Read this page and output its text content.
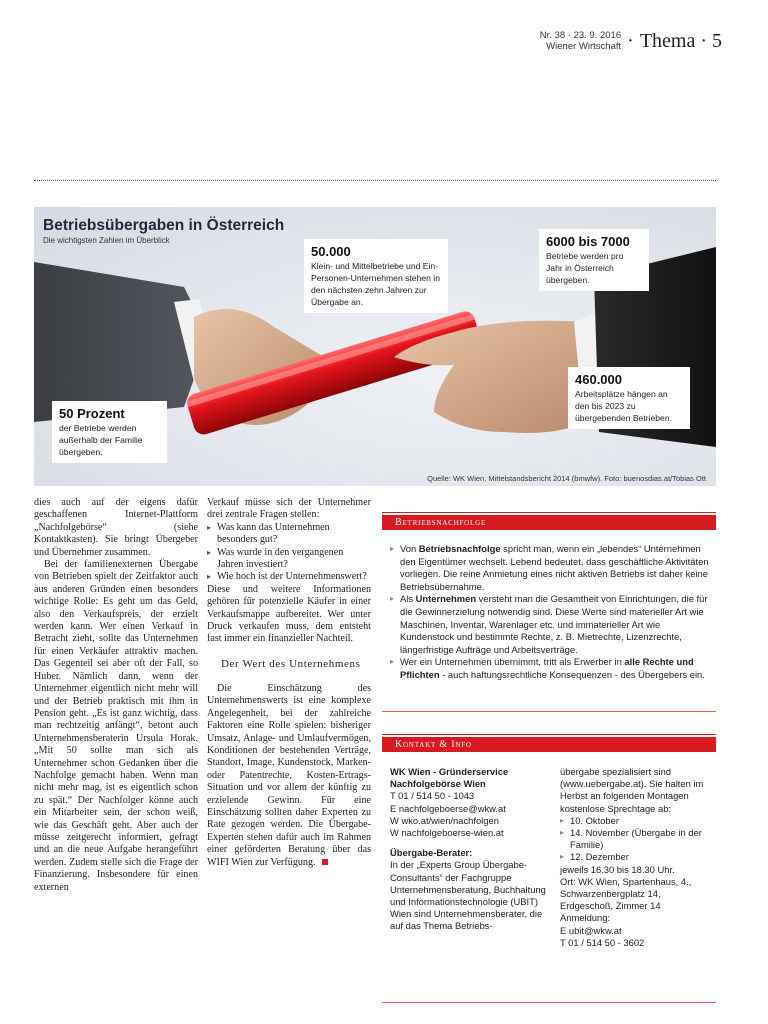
Nr. 38 · 23. 9. 2016
Wiener Wirtschaft · Thema · 5
Betriebsübergaben in Österreich
Die wichtigsten Zahlen im Überblick
50.000
Klein- und Mittelbetriebe und Ein-Personen-Unternehmen stehen in den nächsten zehn Jahren zur Übergabe an.
6000 bis 7000
Betriebe werden pro Jahr in Österreich übergeben.
460.000
Arbeitsplätze hängen an den bis 2023 zu übergebenden Betrieben.
50 Prozent
der Betriebe werden außerhalb der Familie übergeben.
Quelle: WK Wien, Mittelstandsbericht 2014 (bmwfw). Foto: buenosdias.at/Tobias Ott

dies auch auf der eigens dafür geschaffenen Internet-Plattform „Nachfolgebörse“ (siehe Kontaktkasten). Sie bringt Übergeber und Übernehmer zusammen.

Bei der familienexternen Übergabe von Betrieben spielt der Zeitfaktor auch aus anderen Gründen einen besonders wichtige Rolle: Es geht um das Geld, also den Verkaufspreis, der erzielt werden kann. Wer einen Verkauf in Betracht zieht, sollte das Unternehmen für einen Verkäufer attraktiv machen. Das Gegenteil sei aber oft der Fall, so Huber. Nämlich dann, wenn der Unternehmer eigentlich nicht mehr will und der Betrieb praktisch mit ihm in Pension geht. „Es ist ganz wichtig, dass man rechtzeitig anfängt“, betont auch Unternehmensberaterin Ursula Horak. „Mit 50 sollte man sich als Unternehmer schon Gedanken über die Nachfolge gemacht haben. Wenn man nicht mehr mag, ist es eigentlich schon zu spät.“ Der Nachfolger könne auch ein Mitarbeiter sein, der schon weiß, wie das Geschäft geht. Aber auch der müsse zeitgerecht informiert, gefragt und an die neue Aufgabe herangeführt werden. Zudem stelle sich die Frage der Finanzierung. Insbesondere für einen externen

Verkauf müsse sich der Unternehmer drei zentrale Fragen stellen:

▸ Was kann das Unternehmen besonders gut?
▸ Was wurde in den vergangenen Jahren investiert?
▸ Wie hoch ist der Unternehmenswert?

Diese und weitere Informationen gehören für potenzielle Käufer in einer Verkaufsmappe aufbereitet. Wer unter Druck verkaufen muss, dem entsteht fast immer ein finanzieller Nachteil.

Der Wert des Unternehmens

Die Einschätzung des Unternehmenswerts ist eine komplexe Angelegenheit, bei der zahlreiche Faktoren eine Rolle spielen: bisheriger Umsatz, Anlage- und Umlaufvermögen, Konditionen der bestehenden Verträge, Standort, Image, Kundenstock, Marken- oder Patentrechte, Kosten-Ertrags-Situation und vor allem der künftig zu erzielende Gewinn. Für eine Einschätzung sollten daher Experten zu Rate gezogen werden. Die Übergabe-Experten stehen dafür auch im Rahmen einer geförderten Beratung über das WIFI Wien zur Verfügung.

Betriebsnachfolge
▸ Von Betriebsnachfolge spricht man, wenn ein „lebendes“ Unternehmen den Eigentümer wechselt. Lebend bedeutet, dass geschäftliche Aktivitäten vorliegen. Die reine Anmietung eines nicht aktiven Betriebs ist daher keine Betriebsübernahme.
▸ Als Unternehmen versteht man die Gesamtheit von Einrichtungen, die für die Gewinnerzielung notwendig sind. Diese Werte sind materieller Art wie Maschinen, Inventar, Warenlager etc. und immaterieller Art wie Kundenstock und bestimmte Rechte, z. B. Mietrechte, Lizenzrechte, längerfristige Aufträge und Arbeitsverträge.
▸ Wer ein Unternehmen übernimmt, tritt als Erwerber in alle Rechte und Pflichten - auch haftungsrechtliche Konsequenzen - des Übergebers ein.
Kontakt & Info
WK Wien - Gründerservice
Nachfolgebörse Wien
T 01 / 514 50 - 1043
E nachfolgeboerse@wkw.at
W wko.at/wien/nachfolgen
W nachfolgeboerse-wien.at
Übergabe-Berater:
In der „Experts Group Übergabe-Consultants“ der Fachgruppe Unternehmensberatung, Buchhaltung und Informationstechnologie (UBIT) Wien sind Unternehmensberater, die auf das Thema Betriebs-
übergabe spezialisiert sind (www.uebergabe.at). Sie halten im Herbst an folgenden Montagen kostenlose Sprechtage ab:
▸ 10. Oktober
▸ 14. November (Übergabe in der Familie)
▸ 12. Dezember
jeweils 16.30 bis 18.30 Uhr.
Ort: WK Wien, Spartenhaus, 4., Schwarzenbergplatz 14, Erdgeschoß, Zimmer 14
Anmeldung:
E ubit@wkw.at
T 01 / 514 50 - 3602
